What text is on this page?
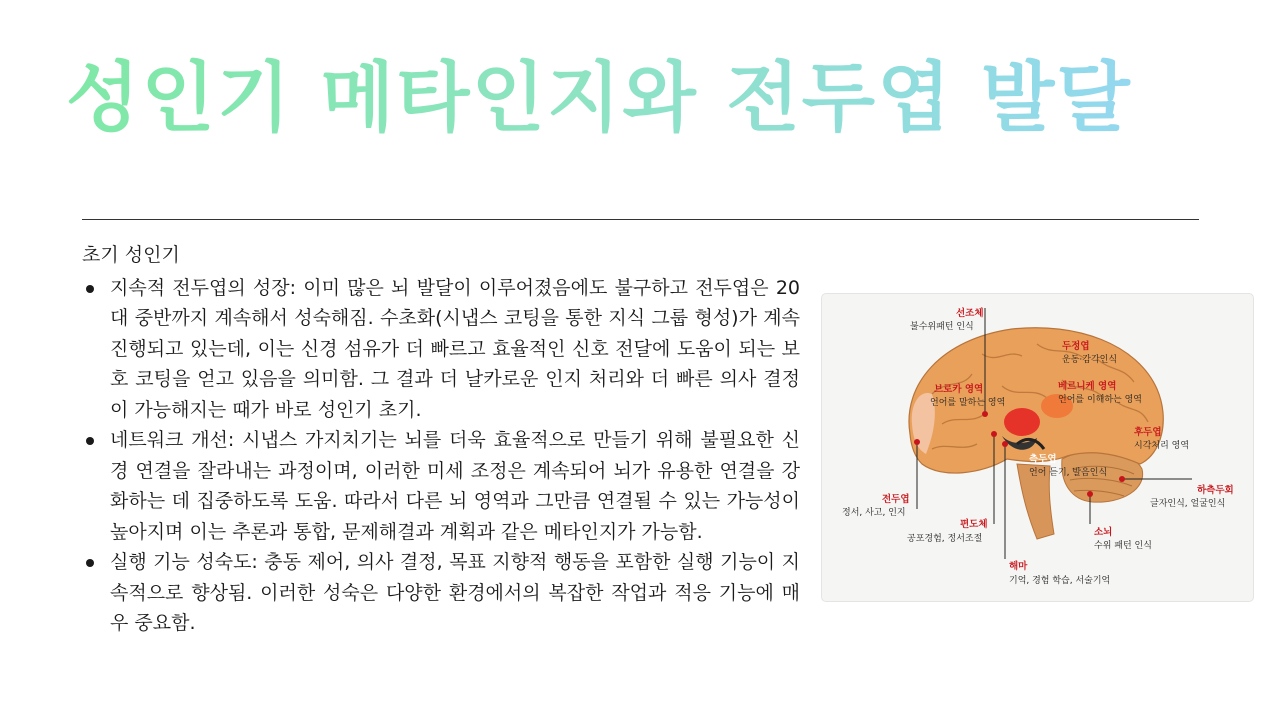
성인기 메타인지와 전두엽 발달
초기 성인기
지속적 전두엽의 성장: 이미 많은 뇌 발달이 이루어졌음에도 불구하고 전두엽은 20대 중반까지 계속해서 성숙해짐. 수초화(시냅스 코팅을 통한 지식 그룹 형성)가 계속 진행되고 있는데, 이는 신경 섬유가 더 빠르고 효율적인 신호 전달에 도움이 되는 보호 코팅을 얻고 있음을 의미함. 그 결과 더 날카로운 인지 처리와 더 빠른 의사 결정이 가능해지는 때가 바로 성인기 초기.
네트워크 개선: 시냅스 가지치기는 뇌를 더욱 효율적으로 만들기 위해 불필요한 신경 연결을 잘라내는 과정이며, 이러한 미세 조정은 계속되어 뇌가 유용한 연결을 강화하는 데 집중하도록 도움. 따라서 다른 뇌 영역과 그만큼 연결될 수 있는 가능성이 높아지며 이는 추론과 통합, 문제해결과 계획과 같은 메타인지가 가능함.
실행 기능 성숙도: 충동 제어, 의사 결정, 목표 지향적 행동을 포함한 실행 기능이 지속적으로 향상됨. 이러한 성숙은 다양한 환경에서의 복잡한 작업과 적응 기능에 매우 중요함.
선조체
불수위패턴 인식
두정엽
운동·감각인식
브로카 영역
언어를 말하는 영역
베르니케 영역
언어를 이해하는 영역
후두엽
시각처리 영역
측두엽
언어 듣기, 발음인식
하측두회
글자인식, 얼굴인식
전두엽
정서, 사고, 인지
편도체
공포경험, 정서조절
소뇌
수위 패턴 인식
해마
기억, 경험 학습, 서술기억
